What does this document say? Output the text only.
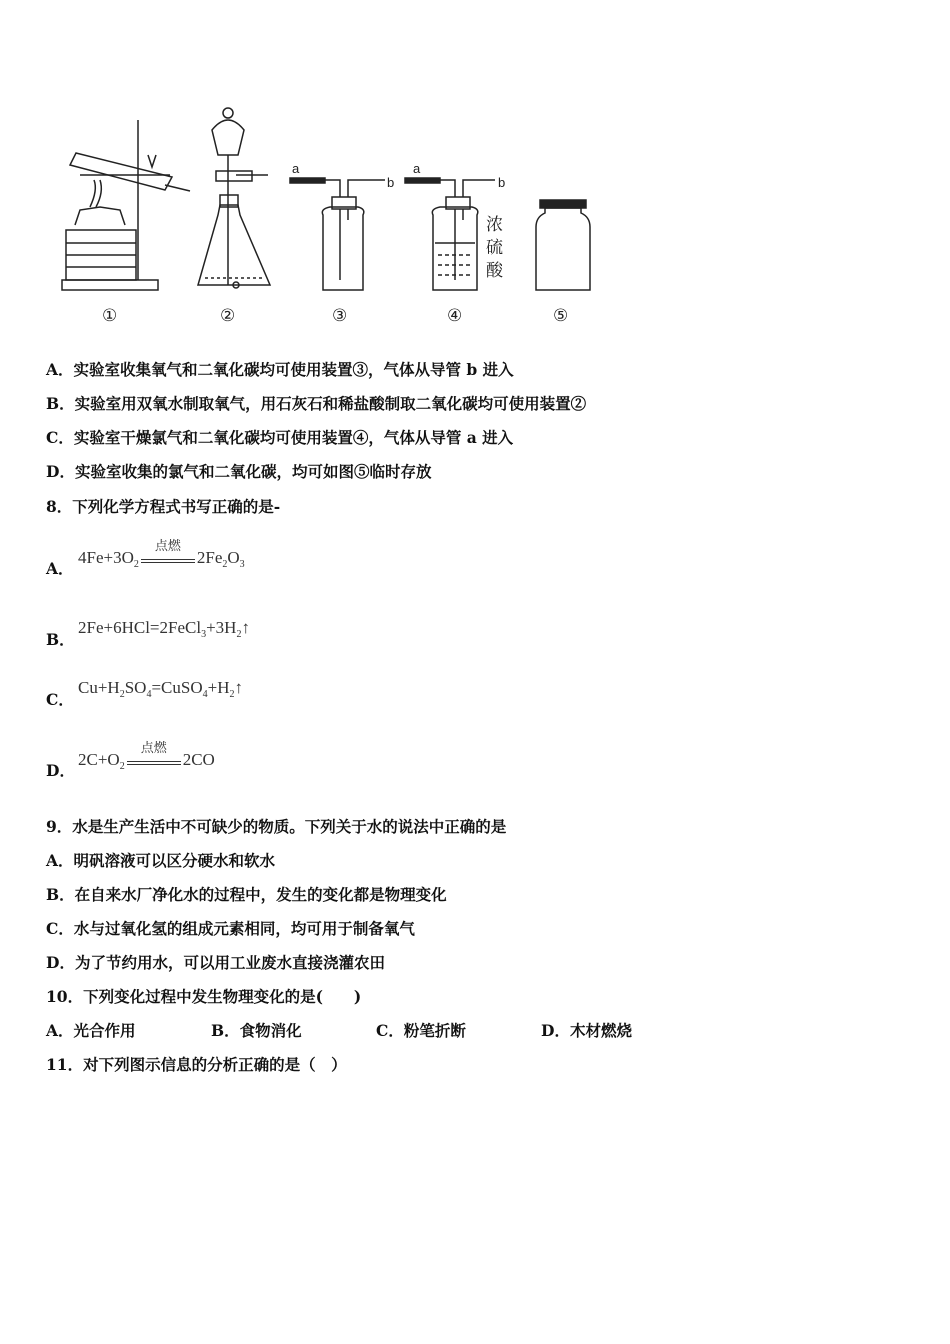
a
b
a
b
浓
硫
酸
①	②	③	④	⑤
A．实验室收集氧气和二氧化碳均可使用装置③，气体从导管 b 进入
B．实验室用双氧水制取氧气，用石灰石和稀盐酸制取二氧化碳均可使用装置②
C．实验室干燥氯气和二氧化碳均可使用装置④，气体从导管 a 进入
D．实验室收集的氯气和二氧化碳，均可如图⑤临时存放
8．下列化学方程式书写正确的是-
A．
$4Fe+3O_2$
点燃
$2Fe_2O_3$
B．
$2Fe+6HCl=2FeCl_3+3H_2↑$
C．
$Cu+H_2SO_4=CuSO_4+H_2↑$
D．
$2C+O_2$
点燃
2CO
9．水是生产生活中不可缺少的物质。下列关于水的说法中正确的是
A．明矾溶液可以区分硬水和软水
B．在自来水厂净化水的过程中，发生的变化都是物理变化
C．水与过氧化氢的组成元素相同，均可用于制备氧气
D．为了节约用水，可以用工业废水直接浇灌农田
10．下列变化过程中发生物理变化的是(　　)
A．光合作用	B．食物消化	C．粉笔折断	D．木材燃烧
11．对下列图示信息的分析正确的是（　）
